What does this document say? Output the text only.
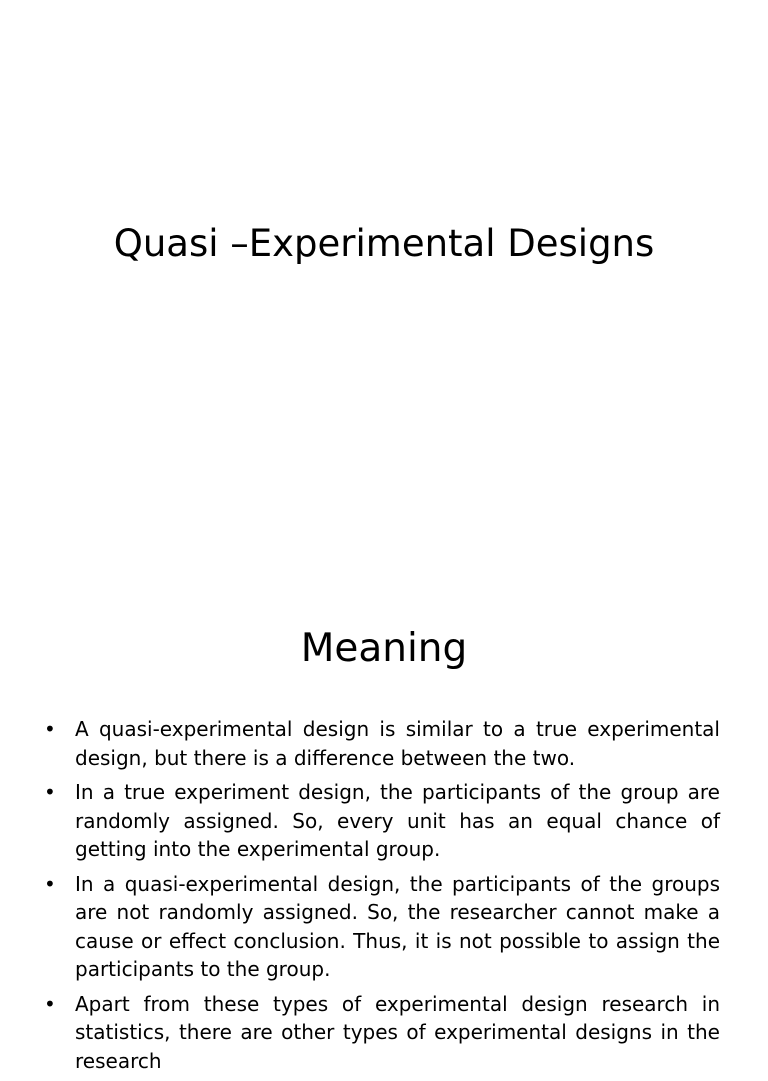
Quasi –Experimental Designs
Meaning
• A quasi-experimental design is similar to a true experimental design, but there is a difference between the two.
• In a true experiment design, the participants of the group are randomly assigned. So, every unit has an equal chance of getting into the experimental group.
• In a quasi-experimental design, the participants of the groups are not randomly assigned. So, the researcher cannot make a cause or effect conclusion. Thus, it is not possible to assign the participants to the group.
• Apart from these types of experimental design research in statistics, there are other types of experimental designs in the research
